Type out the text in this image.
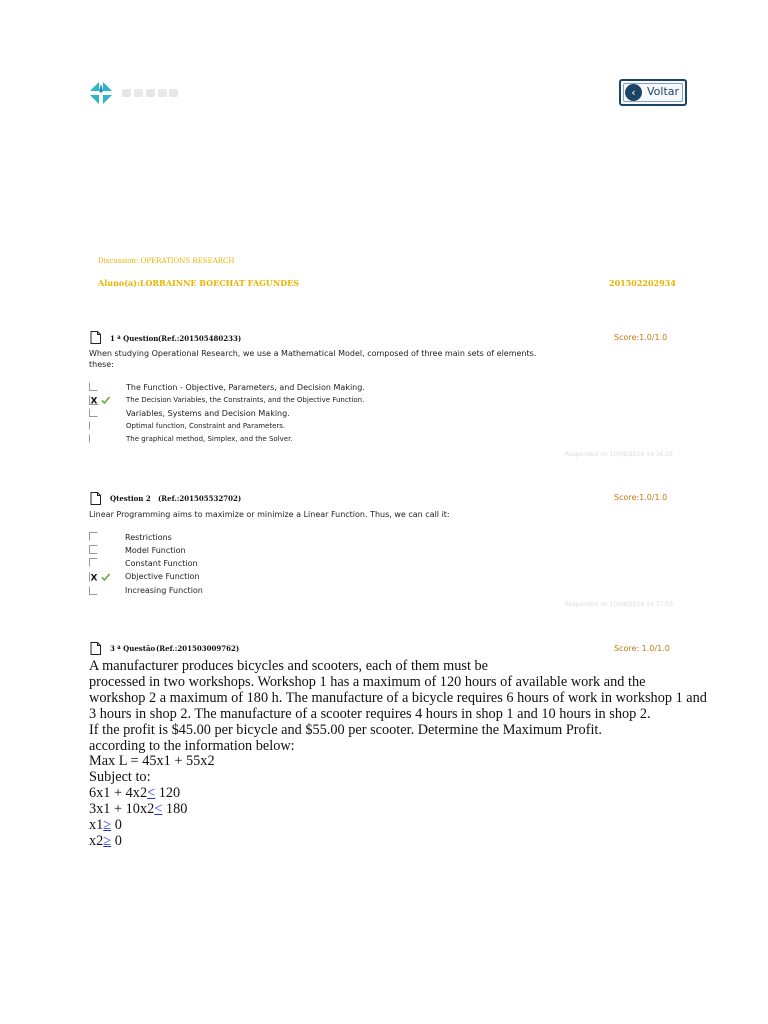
‹	Voltar
Discussion: OPERATIONS RESEARCH
Aluno(a):LORRAINNE BOECHAT FAGUNDES	201502202934
1 ª Question (Ref.:201505480233)	Score:1.0/1.0
When studying Operational Research, we use a Mathematical Model, composed of three main sets of elements.
these:
The Function - Objective, Parameters, and Decision Making.
X	The Decision Variables, the Constraints, and the Objective Function.
Variables, Systems and Decision Making.
Optimal function, Constraint and Parameters.
The graphical method, Simplex, and the Solver.
Responded on 10/08/2019 14:36:35
Qtestion 2 (Ref.:201505532702)	Score:1.0/1.0
Linear Programming aims to maximize or minimize a Linear Function. Thus, we can call it:
Restrictions
Model Function
Constant Function
X	Objective Function
Increasing Function
Responded on 10/08/2019 14:37:53
3 ª Questão (Ref.:201503009762)	Score: 1.0/1.0
A manufacturer produces bicycles and scooters, each of them must be
processed in two workshops. Workshop 1 has a maximum of 120 hours of available work and the
workshop 2 a maximum of 180 h. The manufacture of a bicycle requires 6 hours of work in workshop 1 and
3 hours in shop 2. The manufacture of a scooter requires 4 hours in shop 1 and 10 hours in shop 2.
If the profit is $45.00 per bicycle and $55.00 per scooter. Determine the Maximum Profit.
according to the information below:
Max L = 45x1 + 55x2
Subject to:
6x1 + 4x2< 120
3x1 + 10x2< 180
x1≥ 0
x2≥ 0
